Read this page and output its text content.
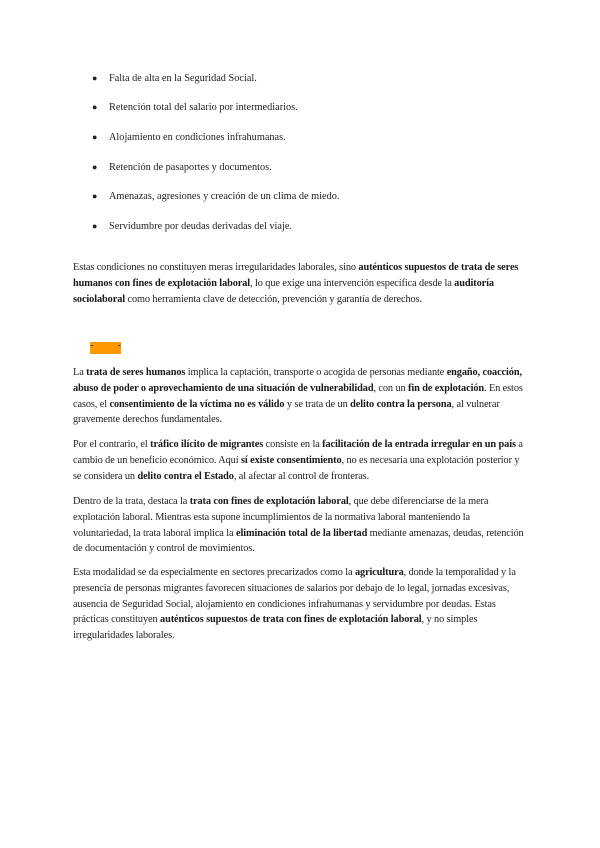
● Falta de alta en la Seguridad Social.
● Retención total del salario por intermediarios.
● Alojamiento en condiciones infrahumanas.
● Retención de pasaportes y documentos.
● Amenazas, agresiones y creación de un clima de miedo.
● Servidumbre por deudas derivadas del viaje.

Estas condiciones no constituyen meras irregularidades laborales, sino auténticos supuestos de trata de seres humanos con fines de explotación laboral, lo que exige una intervención específica desde la auditoría sociolaboral como herramienta clave de detección, prevención y garantía de derechos.

- -

La trata de seres humanos implica la captación, transporte o acogida de personas mediante engaño, coacción, abuso de poder o aprovechamiento de una situación de vulnerabilidad, con un fin de explotación. En estos casos, el consentimiento de la víctima no es válido y se trata de un delito contra la persona, al vulnerar gravemente derechos fundamentales.

Por el contrario, el tráfico ilícito de migrantes consiste en la facilitación de la entrada irregular en un país a cambio de un beneficio económico. Aquí sí existe consentimiento, no es necesaria una explotación posterior y se considera un delito contra el Estado, al afectar al control de fronteras.

Dentro de la trata, destaca la trata con fines de explotación laboral, que debe diferenciarse de la mera explotación laboral. Mientras esta supone incumplimientos de la normativa laboral manteniendo la voluntariedad, la trata laboral implica la eliminación total de la libertad mediante amenazas, deudas, retención de documentación y control de movimientos.

Esta modalidad se da especialmente en sectores precarizados como la agricultura, donde la temporalidad y la presencia de personas migrantes favorecen situaciones de salarios por debajo de lo legal, jornadas excesivas, ausencia de Seguridad Social, alojamiento en condiciones infrahumanas y servidumbre por deudas. Estas prácticas constituyen auténticos supuestos de trata con fines de explotación laboral, y no simples irregularidades laborales.
